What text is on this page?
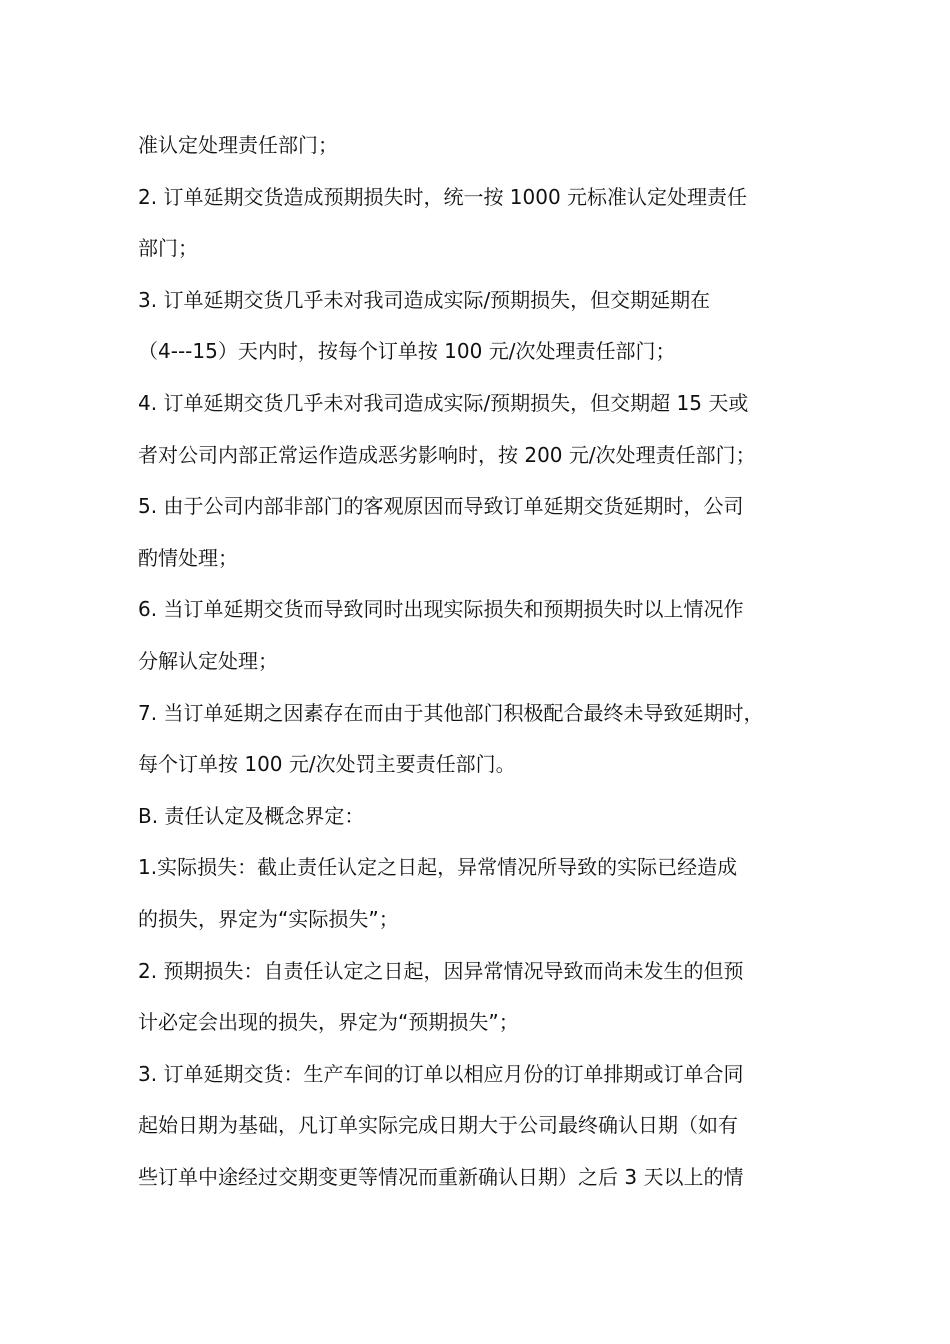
准认定处理责任部门；
2. 订单延期交货造成预期损失时，统一按 1000 元标准认定处理责任
部门；
3. 订单延期交货几乎未对我司造成实际/预期损失，但交期延期在
（4---15）天内时，按每个订单按 100 元/次处理责任部门；
4. 订单延期交货几乎未对我司造成实际/预期损失，但交期超 15 天或
者对公司内部正常运作造成恶劣影响时，按 200 元/次处理责任部门；
5. 由于公司内部非部门的客观原因而导致订单延期交货延期时，公司
酌情处理；
6. 当订单延期交货而导致同时出现实际损失和预期损失时以上情况作
分解认定处理；
7. 当订单延期之因素存在而由于其他部门积极配合最终未导致延期时，
每个订单按 100 元/次处罚主要责任部门。
B. 责任认定及概念界定：
1.实际损失：截止责任认定之日起，异常情况所导致的实际已经造成
的损失，界定为“实际损失”；
2. 预期损失：自责任认定之日起，因异常情况导致而尚未发生的但预
计必定会出现的损失，界定为“预期损失”；
3. 订单延期交货：生产车间的订单以相应月份的订单排期或订单合同
起始日期为基础，凡订单实际完成日期大于公司最终确认日期（如有
些订单中途经过交期变更等情况而重新确认日期）之后 3 天以上的情
